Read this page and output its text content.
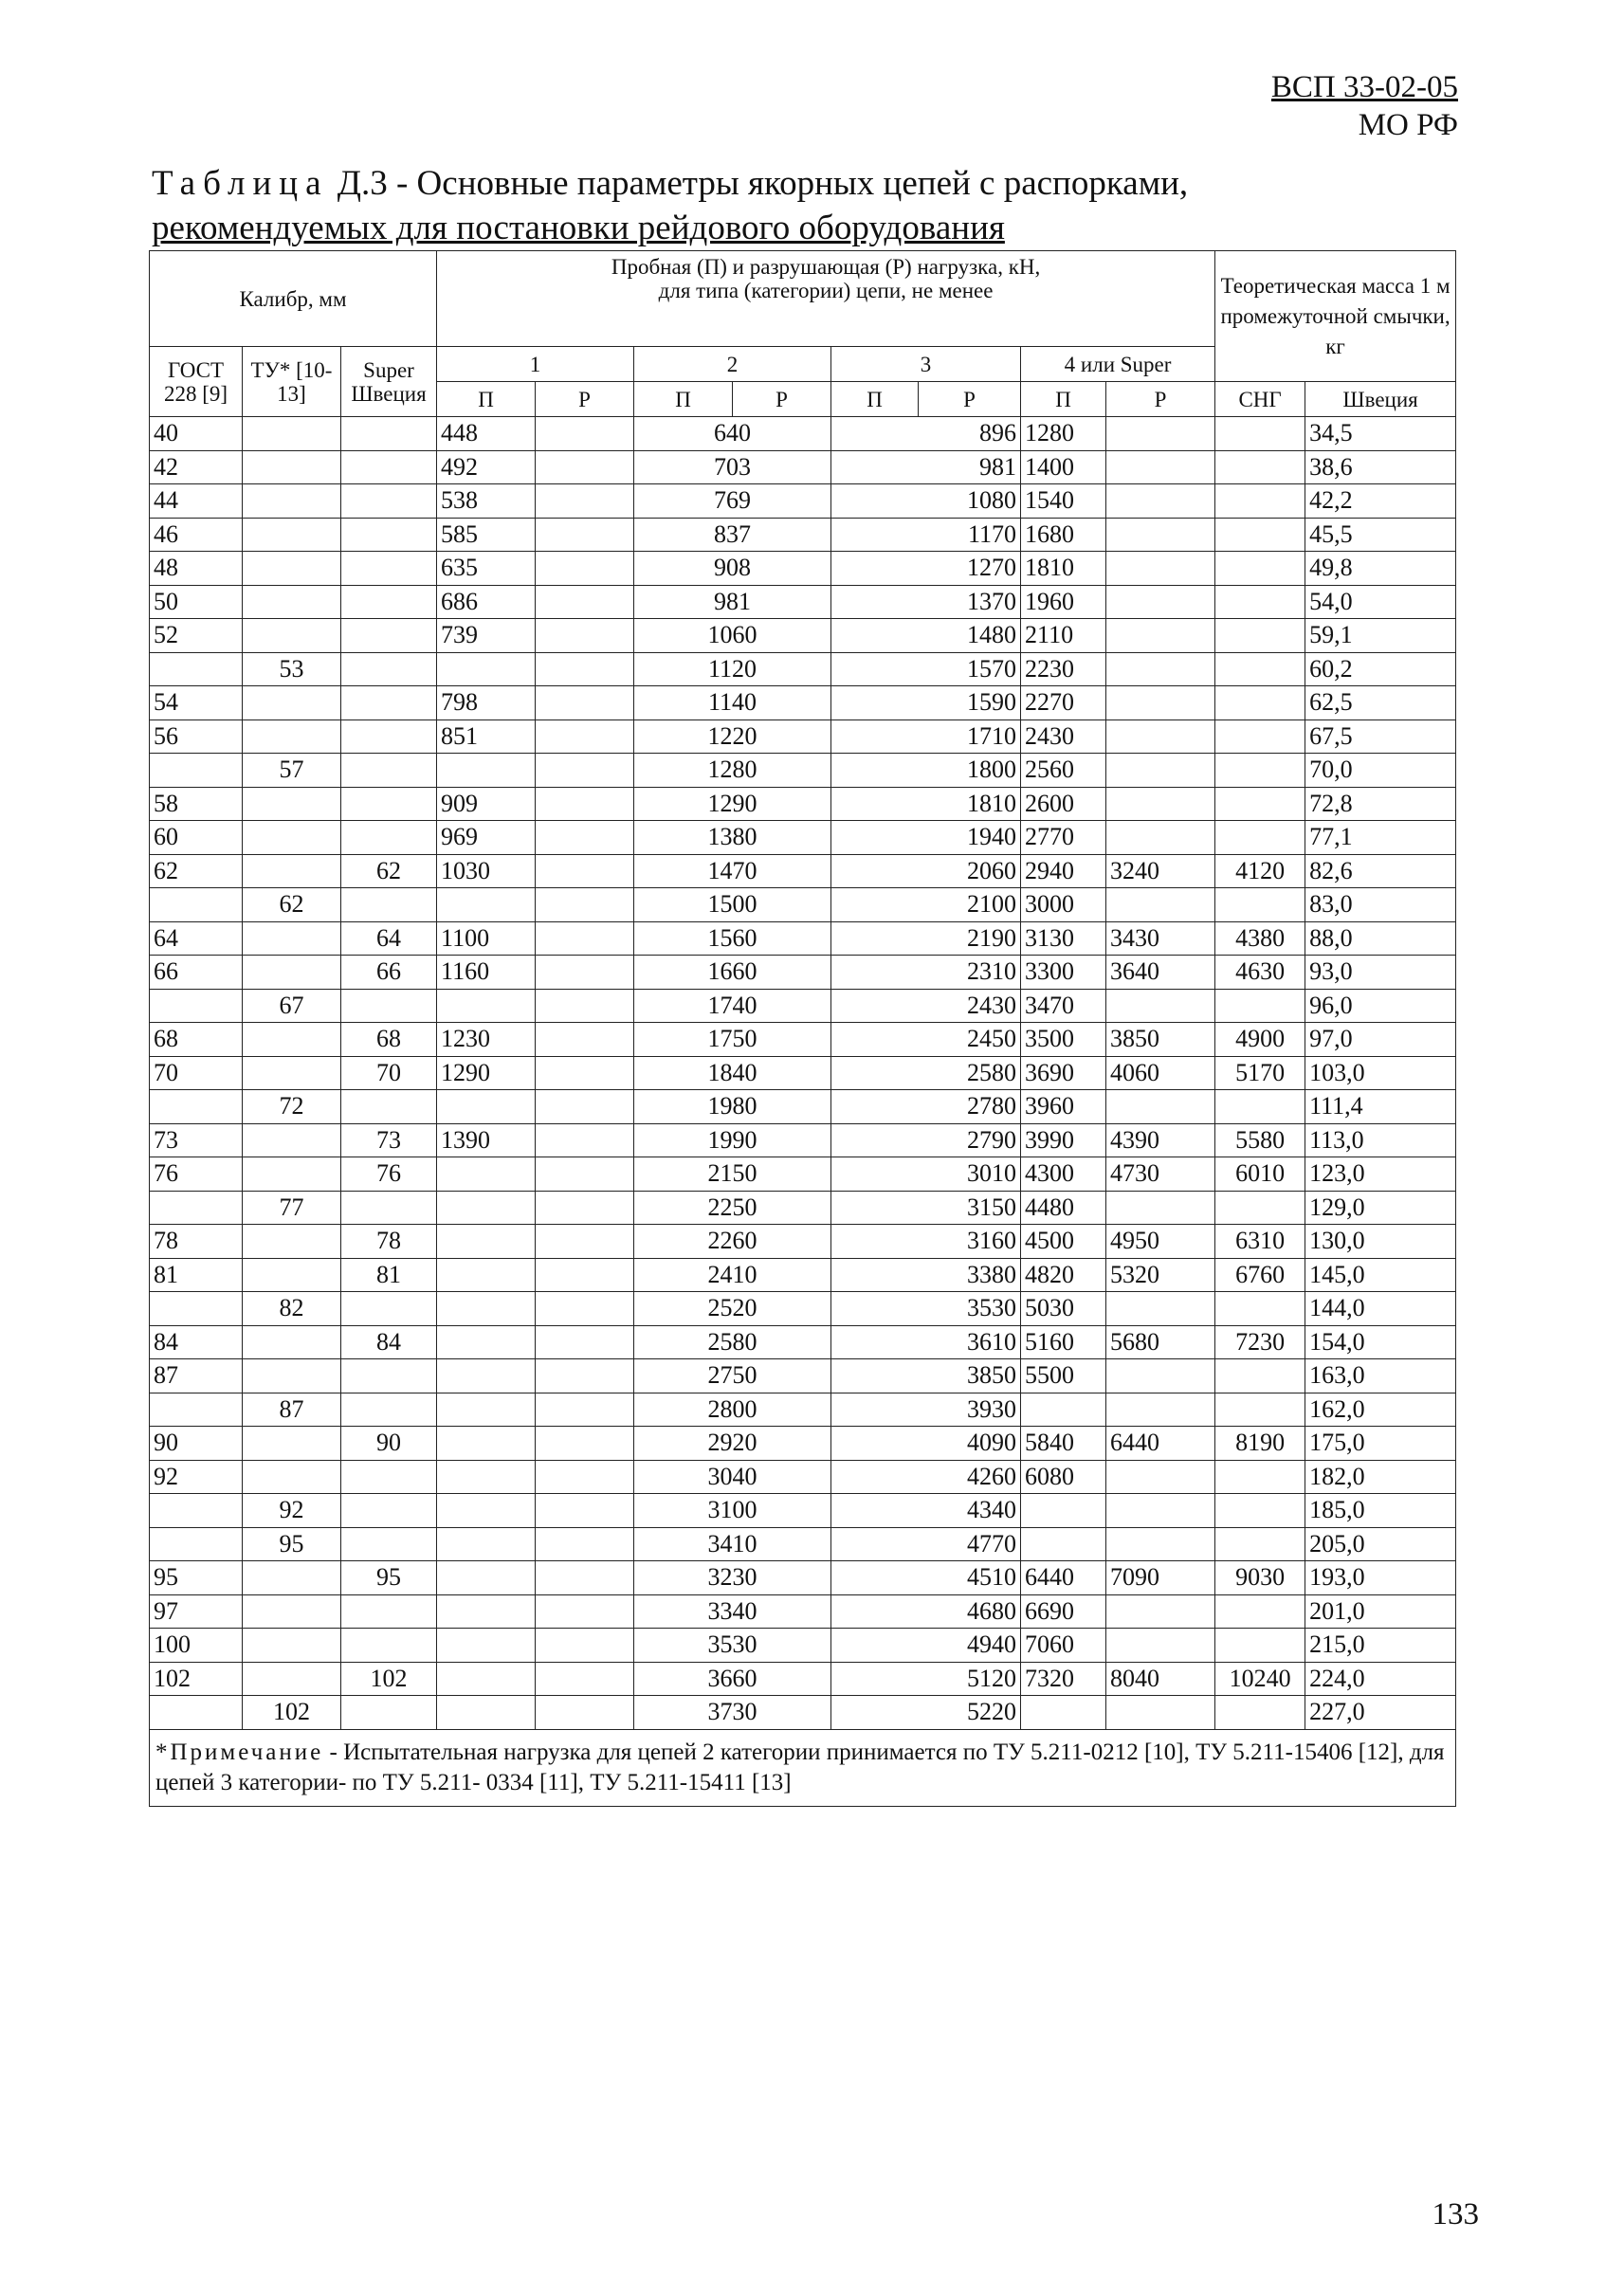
ВСП 33-02-05
МО РФ
Таблица Д.3 - Основные параметры якорных цепей с распорками,
рекомендуемых для постановки рейдового оборудования
Калибр, мм			Пробная (П) и разрушающая (Р) нагрузка, кН,
для типа (категории) цепи, не менее								Теоретическая масса 1 м промежуточной смычки, кг		
ГОСТ 228 [9]	ТУ* [10-13]	Super Швеция	1		2		3		4 или Super				
			П	Р	П	Р	П	Р	П	Р	СНГ	Швеция	
40			448		640		896		1280			34,5	
42			492		703		981		1400			38,6	
44			538		769		1080		1540			42,2	
46			585		837		1170		1680			45,5	
48			635		908		1270		1810			49,8	
50			686		981		1370		1960			54,0	
52			739		1060		1480		2110			59,1	
	53				1120		1570		2230			60,2	
54			798		1140		1590		2270			62,5	
56			851		1220		1710		2430			67,5	
	57				1280		1800		2560			70,0	
58			909		1290		1810		2600			72,8	
60			969		1380		1940		2770			77,1	
62		62	1030		1470		2060		2940	3240	4120	82,6	
	62				1500		2100		3000			83,0	
64		64	1100		1560		2190		3130	3430	4380	88,0	
66		66	1160		1660		2310		3300	3640	4630	93,0	
	67				1740		2430		3470			96,0	
68		68	1230		1750		2450		3500	3850	4900	97,0	
70		70	1290		1840		2580		3690	4060	5170	103,0	
	72				1980		2780		3960			111,4	
73		73	1390		1990		2790		3990	4390	5580	113,0	
76		76			2150		3010		4300	4730	6010	123,0	
	77				2250		3150		4480			129,0	
78		78			2260		3160		4500	4950	6310	130,0	
81		81			2410		3380		4820	5320	6760	145,0	
	82				2520		3530		5030			144,0	
84		84			2580		3610		5160	5680	7230	154,0	
87					2750		3850		5500			163,0	
	87				2800		3930					162,0	
90		90			2920		4090		5840	6440	8190	175,0	
92					3040		4260		6080			182,0	
	92				3100		4340					185,0	
	95				3410		4770					205,0	
95		95			3230		4510		6440	7090	9030	193,0	
97					3340		4680		6690			201,0	
100					3530		4940		7060			215,0	
102		102			3660		5120		7320	8040	10240	224,0	
	102				3730		5220					227,0	
*Примечание - Испытательная нагрузка для цепей 2 категории принимается по ТУ 5.211-0212 [10], ТУ 5.211-15406 [12], для цепей 3 категории- по ТУ 5.211- 0334 [11], ТУ 5.211-15411 [13]													
133
